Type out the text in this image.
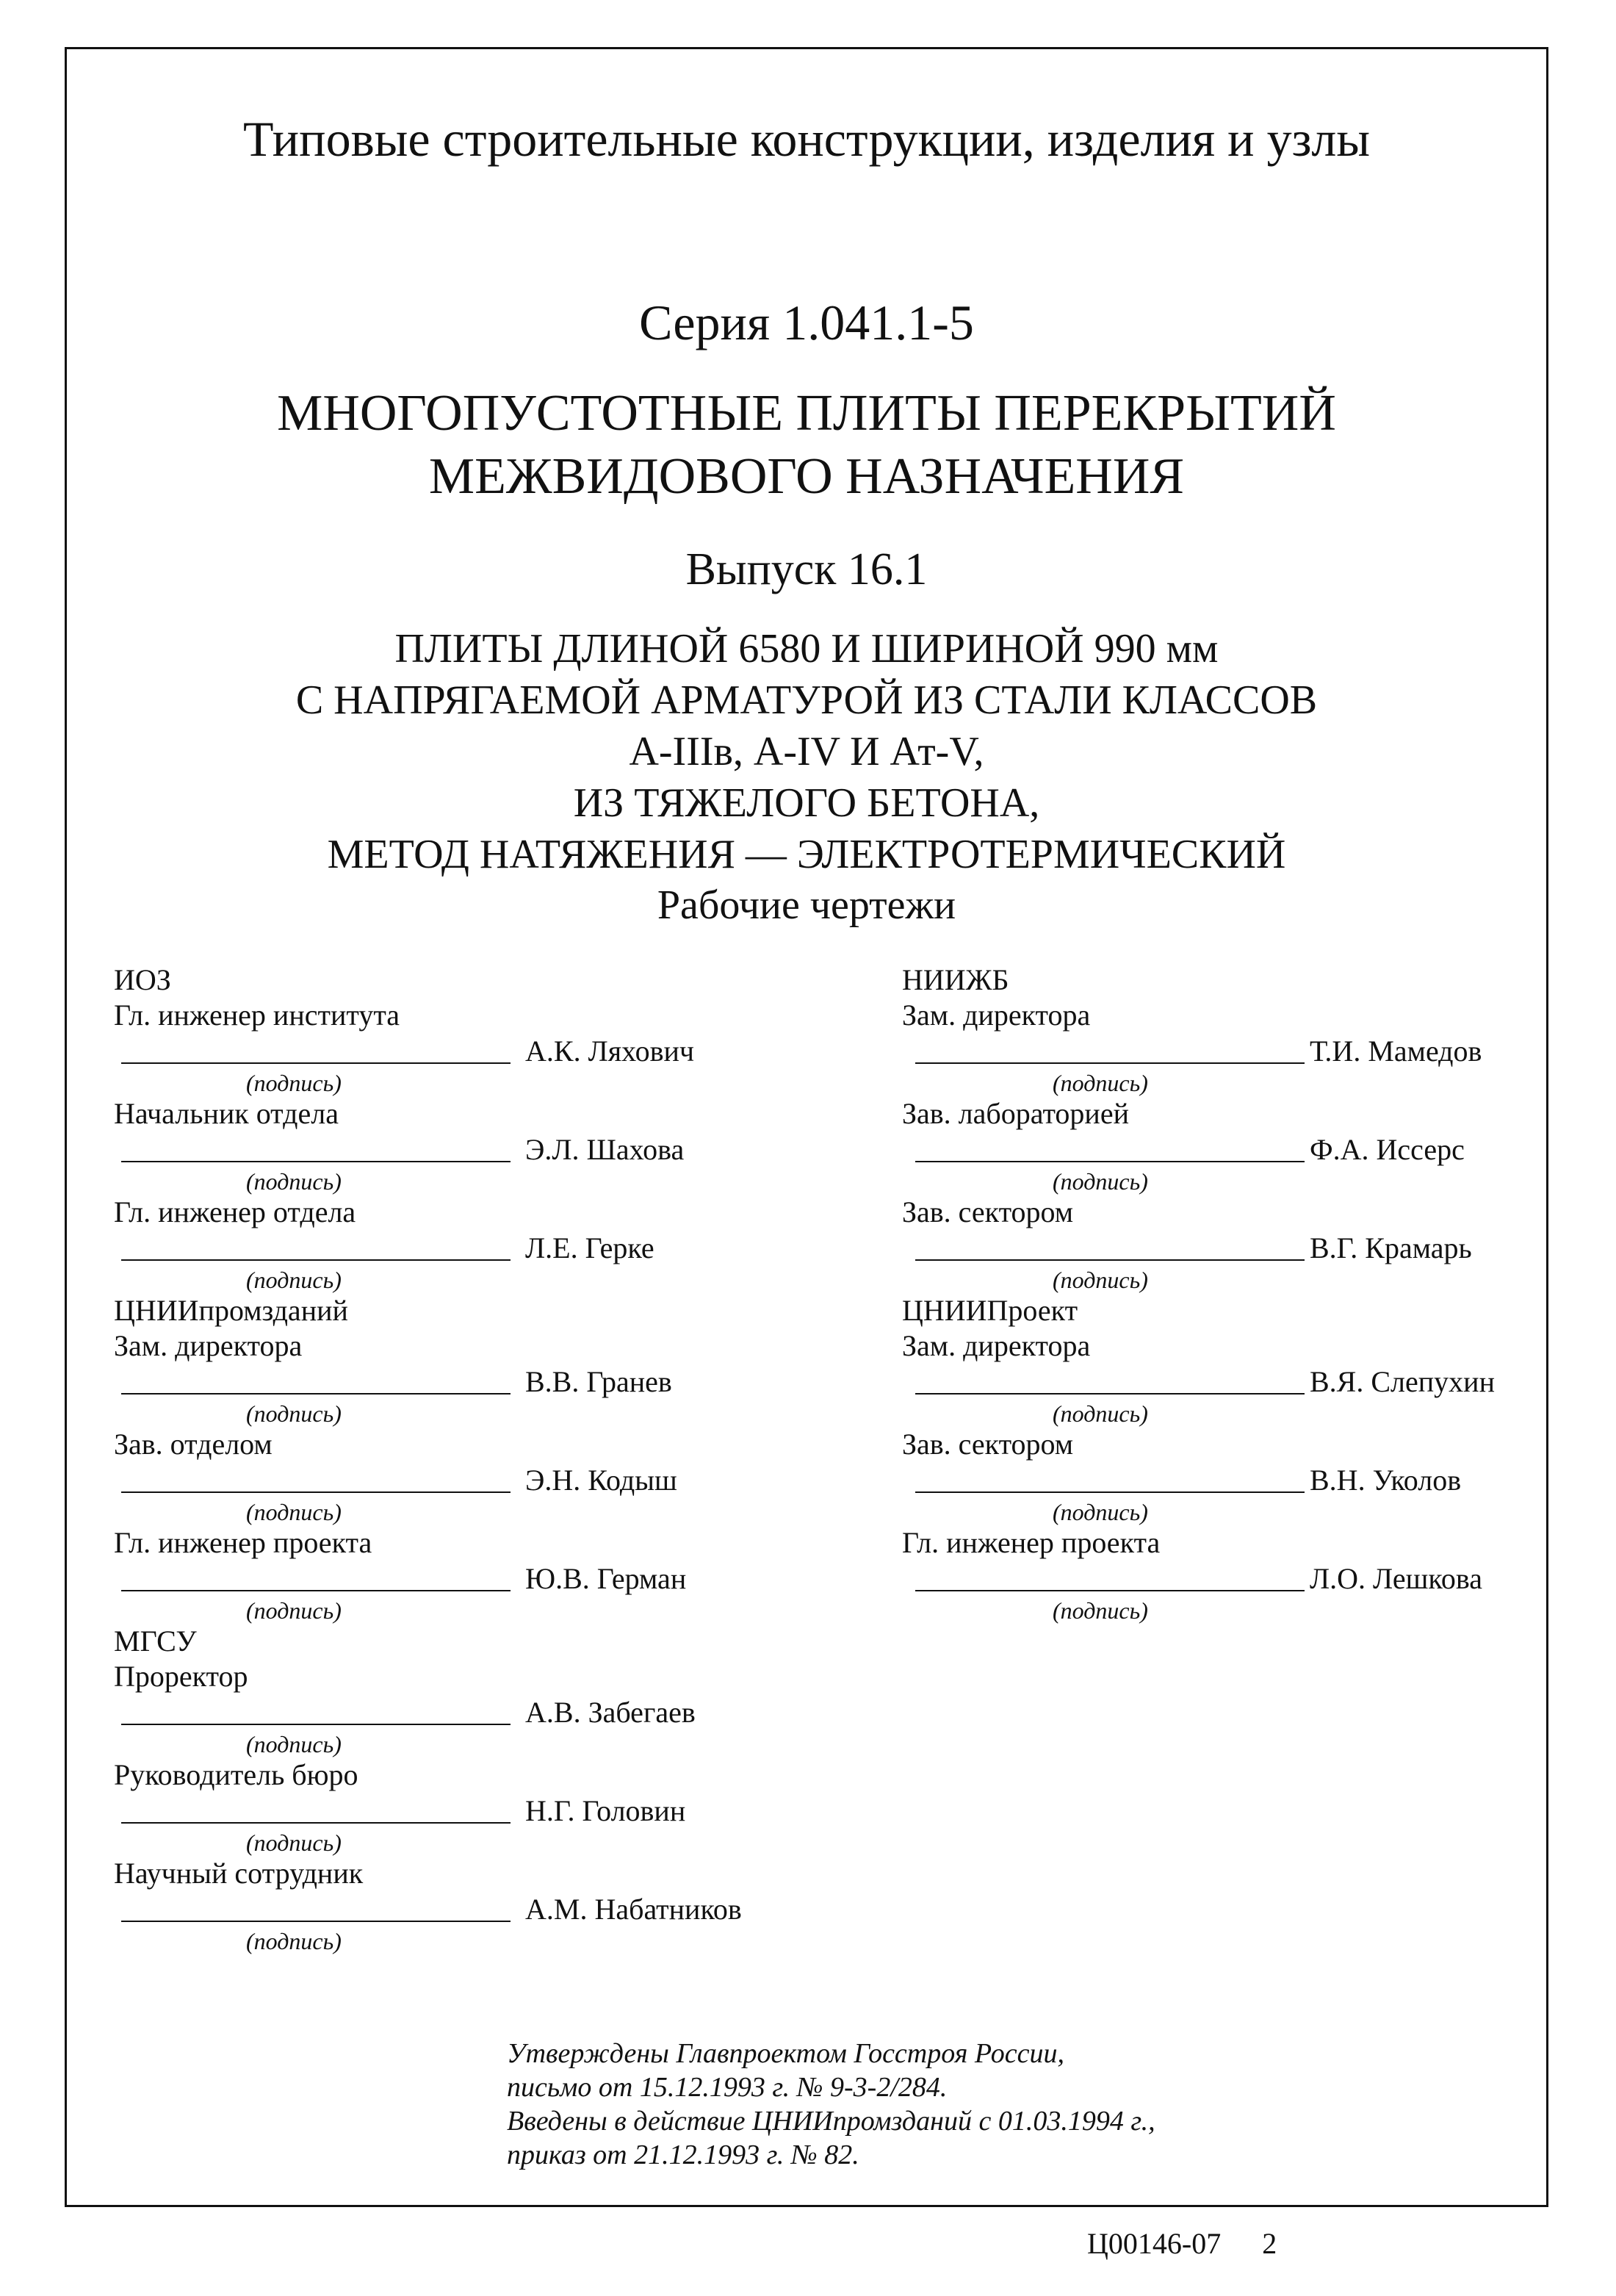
Типовые строительные конструкции, изделия и узлы
Серия 1.041.1-5
МНОГОПУСТОТНЫЕ ПЛИТЫ ПЕРЕКРЫТИЙ
МЕЖВИДОВОГО НАЗНАЧЕНИЯ
Выпуск 16.1
ПЛИТЫ ДЛИНОЙ 6580 И ШИРИНОЙ 990 мм
С НАПРЯГАЕМОЙ АРМАТУРОЙ ИЗ СТАЛИ КЛАССОВ
А-IIIв, А-IV И Ат-V,
ИЗ ТЯЖЕЛОГО БЕТОНА,
МЕТОД НАТЯЖЕНИЯ — ЭЛЕКТРОТЕРМИЧЕСКИЙ
Рабочие чертежи
ИОЗ
Гл. инженер института
А.К. Ляхович
(подпись)
Начальник отдела
Э.Л. Шахова
(подпись)
Гл. инженер отдела
Л.Е. Герке
(подпись)
ЦНИИпромзданий
Зам. директора
В.В. Гранев
(подпись)
Зав. отделом
Э.Н. Кодыш
(подпись)
Гл. инженер проекта
Ю.В. Герман
(подпись)
МГСУ
Проректор
А.В. Забегаев
(подпись)
Руководитель бюро
Н.Г. Головин
(подпись)
Научный сотрудник
А.М. Набатников
(подпись)
НИИЖБ
Зам. директора
Т.И. Мамедов
(подпись)
Зав. лабораторией
Ф.А. Иссерс
(подпись)
Зав. сектором
В.Г. Крамарь
(подпись)
ЦНИИПроект
Зам. директора
В.Я. Слепухин
(подпись)
Зав. сектором
В.Н. Уколов
(подпись)
Гл. инженер проекта
Л.О. Лешкова
(подпись)
Утверждены Главпроектом Госстроя России,
письмо от 15.12.1993 г. № 9-3-2/284.
Введены в действие ЦНИИпромзданий с 01.03.1994 г.,
приказ от 21.12.1993 г. № 82.
Ц00146-07 2
